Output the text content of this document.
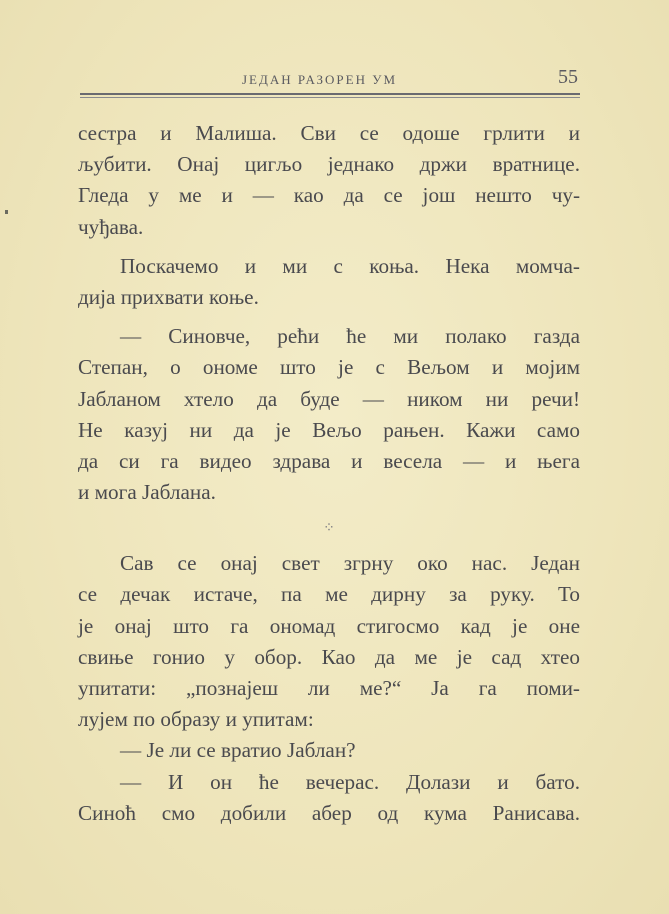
ЈЕДАН РАЗОРЕН УМ	55
сестра и Малиша. Сви се одоше грлити и
љубити. Онај цигљо једнако држи вратнице.
Гледа у ме и — као да се још нешто чу-
чуђава.
Поскачемо и ми с коња. Нека момча-
дија прихвати коње.
— Синовче, рећи ће ми полако газда
Степан, о ономе што је с Вељом и мојим
Јабланом хтело да буде — ником ни речи!
Не казуј ни да је Вељо рањен. Кажи само
да си га видео здрава и весела — и њега
и мога Јаблана.
⁘
Сав се онај свет згрну око нас. Један
се дечак истаче, па ме дирну за руку. То
је онај што га ономад стигосмо кад је оне
свиње гонио у обор. Као да ме је сад хтео
упитати: „познајеш ли ме?“ Ја га поми-
лујем по образу и упитам:
— Је ли се вратио Јаблан?
— И он ће вечерас. Долази и бато.
Синоћ смо добили абер од кума Ранисава.
